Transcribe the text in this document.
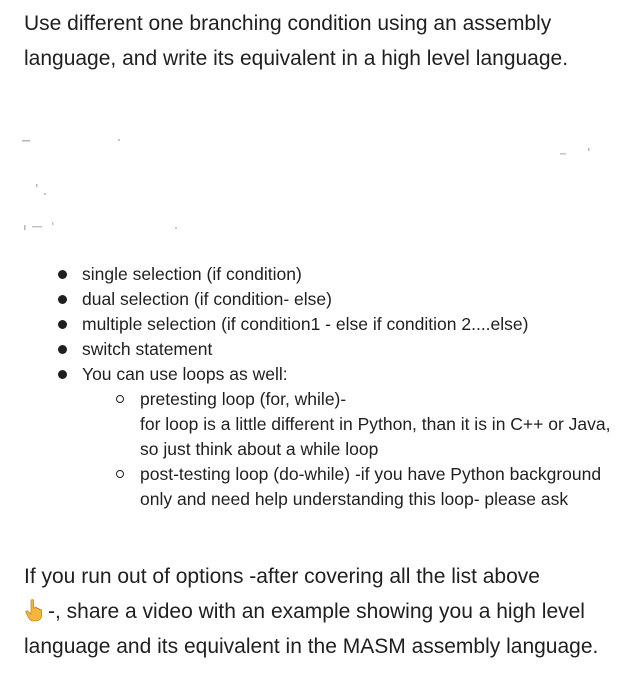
Use different one branching condition using an assembly language, and write its equivalent in a high level language.

single selection (if condition)
dual selection (if condition- else)
multiple selection (if condition1 - else if condition 2....else)
switch statement
You can use loops as well:
pretesting loop (for, while)-
for loop is a little different in Python, than it is in C++ or Java, so just think about a while loop
post-testing loop (do-while) -if you have Python background only and need help understanding this loop- please ask

If you run out of options -after covering all the list above
-, share a video with an example showing you a high level language and its equivalent in the MASM assembly language.
